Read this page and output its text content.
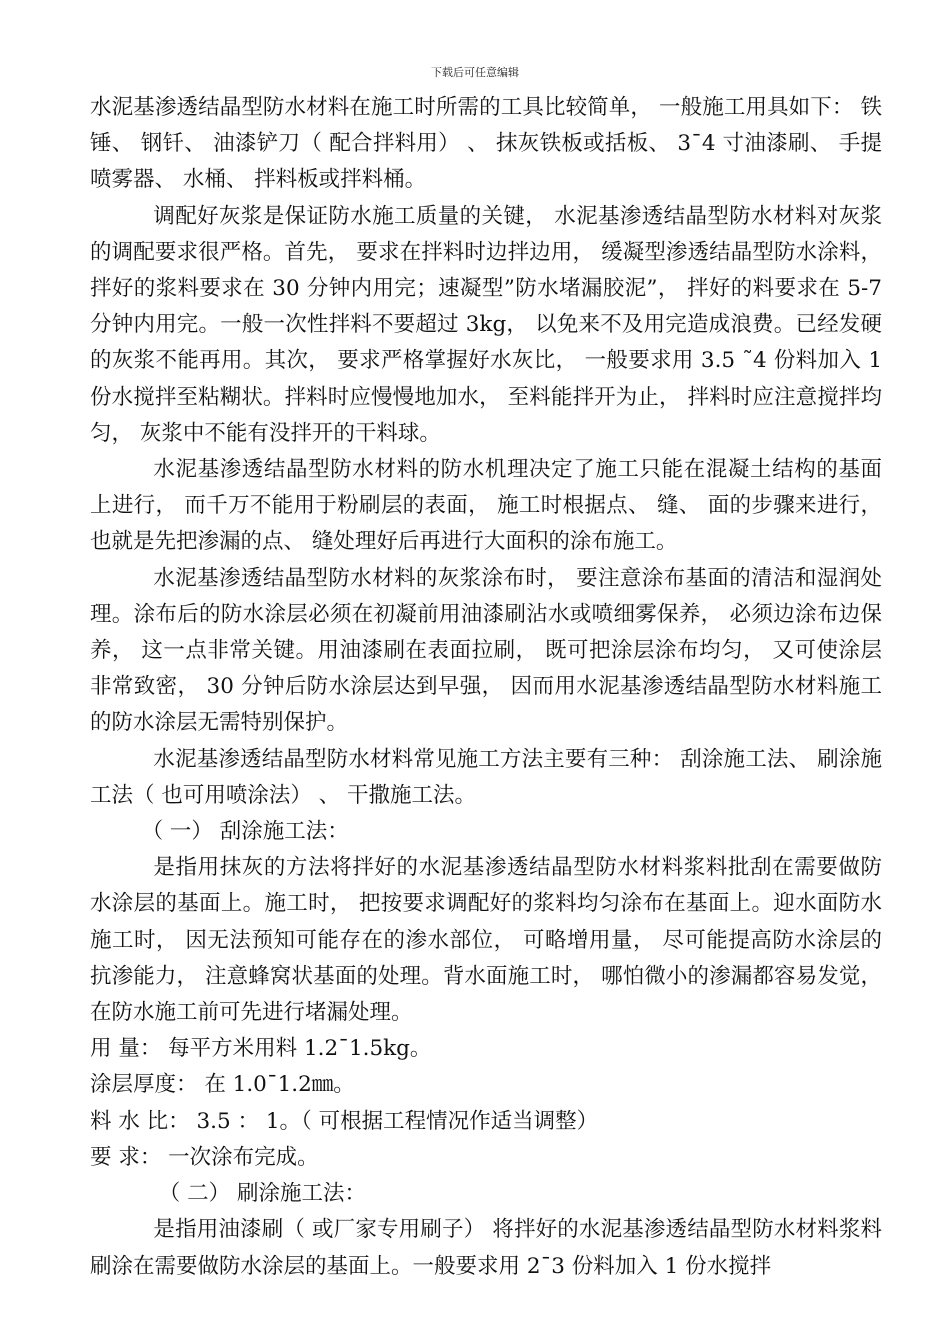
下载后可任意编辑

水泥基渗透结晶型防水材料在施工时所需的工具比较简单， 一般施工用具如下： 铁锤、 钢钎、 油漆铲刀（ 配合拌料用） 、 抹灰铁板或括板、 3¯4 寸油漆刷、 手提喷雾器、 水桶、 拌料板或拌料桶。

调配好灰浆是保证防水施工质量的关键， 水泥基渗透结晶型防水材料对灰浆的调配要求很严格。首先， 要求在拌料时边拌边用， 缓凝型渗透结晶型防水涂料， 拌好的浆料要求在 30 分钟内用完；速凝型”防水堵漏胶泥”， 拌好的料要求在 5-7 分钟内用完。一般一次性拌料不要超过 3kg， 以免来不及用完造成浪费。已经发硬的灰浆不能再用。其次， 要求严格掌握好水灰比， 一般要求用 3.5 ˜4 份料加入 1 份水搅拌至粘糊状。拌料时应慢慢地加水， 至料能拌开为止， 拌料时应注意搅拌均匀， 灰浆中不能有没拌开的干料球。

水泥基渗透结晶型防水材料的防水机理决定了施工只能在混凝土结构的基面上进行， 而千万不能用于粉刷层的表面， 施工时根据点、 缝、 面的步骤来进行， 也就是先把渗漏的点、 缝处理好后再进行大面积的涂布施工。

水泥基渗透结晶型防水材料的灰浆涂布时， 要注意涂布基面的清洁和湿润处理。涂布后的防水涂层必须在初凝前用油漆刷沾水或喷细雾保养， 必须边涂布边保养， 这一点非常关键。用油漆刷在表面拉刷， 既可把涂层涂布均匀， 又可使涂层非常致密， 30 分钟后防水涂层达到早强， 因而用水泥基渗透结晶型防水材料施工的防水涂层无需特别保护。

水泥基渗透结晶型防水材料常见施工方法主要有三种： 刮涂施工法、 刷涂施工法（ 也可用喷涂法） 、 干撒施工法。

（ 一） 刮涂施工法：

是指用抹灰的方法将拌好的水泥基渗透结晶型防水材料浆料批刮在需要做防水涂层的基面上。施工时， 把按要求调配好的浆料均匀涂布在基面上。迎水面防水施工时， 因无法预知可能存在的渗水部位， 可略增用量， 尽可能提高防水涂层的抗渗能力， 注意蜂窝状基面的处理。背水面施工时， 哪怕微小的渗漏都容易发觉， 在防水施工前可先进行堵漏处理。

用 量： 每平方米用料 1.2¯1.5kg。

涂层厚度： 在 1.0¯1.2㎜。

料 水 比： 3.5 ： 1。（ 可根据工程情况作适当调整）

要 求： 一次涂布完成。

（ 二） 刷涂施工法：

是指用油漆刷（ 或厂家专用刷子） 将拌好的水泥基渗透结晶型防水材料浆料 刷涂在需要做防水涂层的基面上。一般要求用 2¯3 份料加入 1 份水搅拌
